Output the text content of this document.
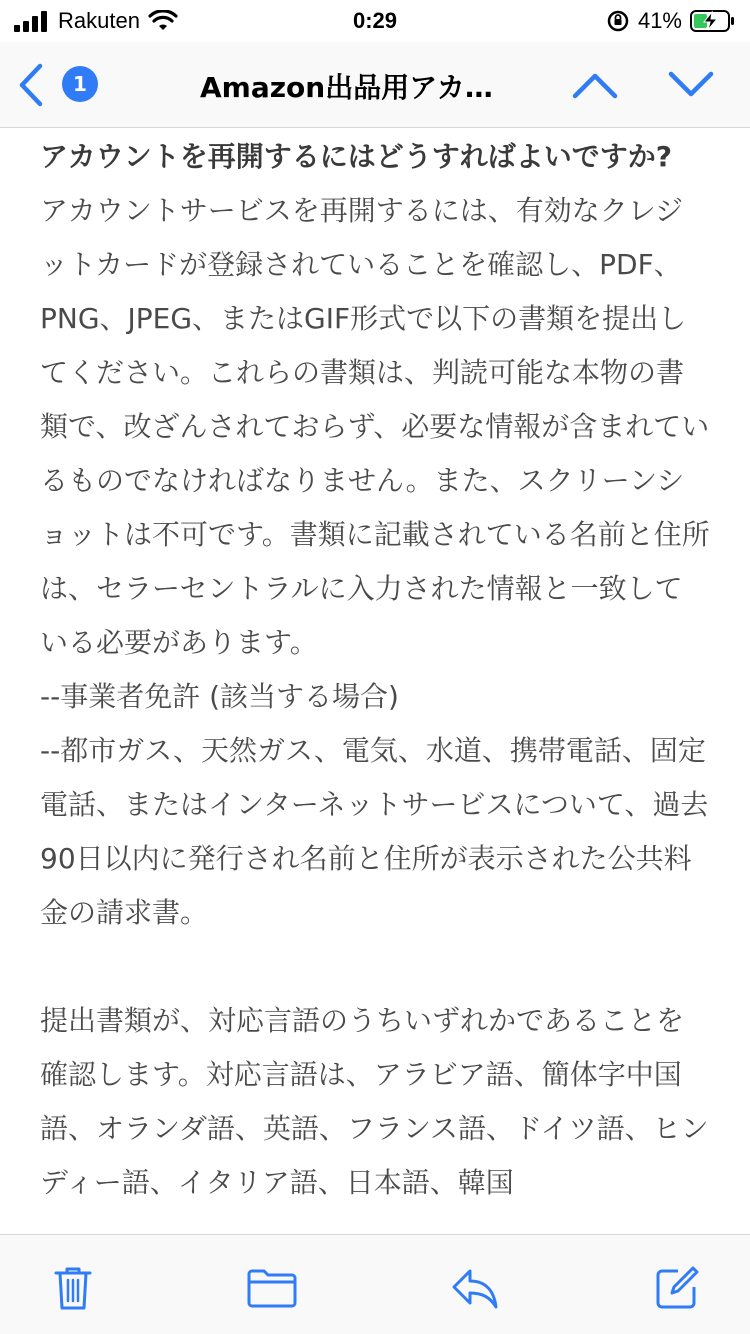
Rakuten	0:29	41%
1	Amazon出品用アカ…

アカウントを再開するにはどうすればよいですか?

アカウントサービスを再開するには、有効なクレジットカードが登録されていることを確認し、PDF、PNG、JPEG、またはGIF形式で以下の書類を提出してください。これらの書類は、判読可能な本物の書類で、改ざんされておらず、必要な情報が含まれているものでなければなりません。また、スクリーンショットは不可です。書類に記載されている名前と住所は、セラーセントラルに入力された情報と一致している必要があります。

--事業者免許 (該当する場合)

--都市ガス、天然ガス、電気、水道、携帯電話、固定電話、またはインターネットサービスについて、過去90日以内に発行され名前と住所が表示された公共料金の請求書。

提出書類が、対応言語のうちいずれかであることを確認します。対応言語は、アラビア語、簡体字中国語、オランダ語、英語、フランス語、ドイツ語、ヒンディー語、イタリア語、日本語、韓国
